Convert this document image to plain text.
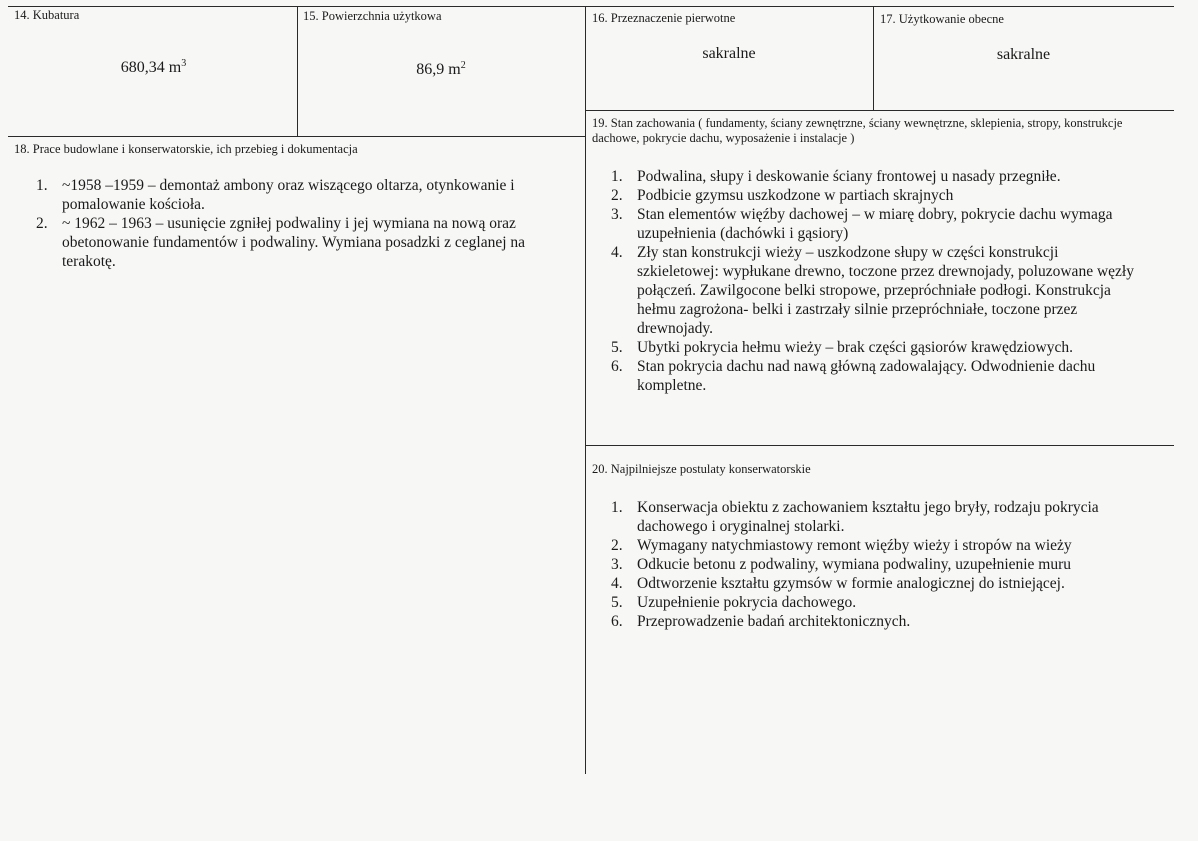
14. Kubatura
680,34 $m^3$
15. Powierzchnia użytkowa
86,9 $m^2$
16. Przeznaczenie pierwotne
sakralne
17. Użytkowanie obecne
sakralne
18. Prace budowlane i konserwatorskie, ich przebieg i dokumentacja
1. ~1958 –1959 – demontaż ambony oraz wiszącego oltarza, otynkowanie i pomalowanie kościoła.
2. ~ 1962 – 1963 – usunięcie zgniłej podwaliny i jej wymiana na nową oraz obetonowanie fundamentów i podwaliny. Wymiana posadzki z ceglanej na terakotę.
19. Stan zachowania ( fundamenty, ściany zewnętrzne, ściany wewnętrzne, sklepienia, stropy, konstrukcje dachowe, pokrycie dachu, wyposażenie i instalacje )
1. Podwalina, słupy i deskowanie ściany frontowej u nasady przegniłe.
2. Podbicie gzymsu uszkodzone w partiach skrajnych
3. Stan elementów więźby dachowej – w miarę dobry, pokrycie dachu wymaga uzupełnienia (dachówki i gąsiory)
4. Zły stan konstrukcji wieży – uszkodzone słupy w części konstrukcji szkieletowej: wypłukane drewno, toczone przez drewnojady, poluzowane węzły połączeń. Zawilgocone belki stropowe, przepróchniałe podłogi. Konstrukcja hełmu zagrożona- belki i zastrzały silnie przepróchniałe, toczone przez drewnojady.
5. Ubytki pokrycia hełmu wieży – brak części gąsiorów krawędziowych.
6. Stan pokrycia dachu nad nawą główną zadowalający. Odwodnienie dachu kompletne.
20. Najpilniejsze postulaty konserwatorskie
1. Konserwacja obiektu z zachowaniem kształtu jego bryły, rodzaju pokrycia dachowego i oryginalnej stolarki.
2. Wymagany natychmiastowy remont więźby wieży i stropów na wieży
3. Odkucie betonu z podwaliny, wymiana podwaliny, uzupełnienie muru
4. Odtworzenie kształtu gzymsów w formie analogicznej do istniejącej.
5. Uzupełnienie pokrycia dachowego.
6. Przeprowadzenie badań architektonicznych.
